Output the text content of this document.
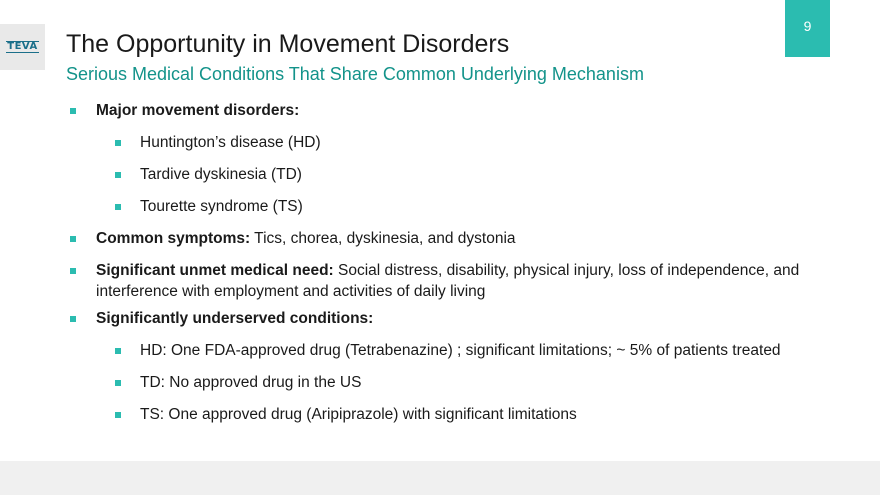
TEVA
9
The Opportunity in Movement Disorders
Serious Medical Conditions That Share Common Underlying Mechanism
Major movement disorders:
Huntington’s disease (HD)
Tardive dyskinesia (TD)
Tourette syndrome (TS)
Common symptoms: Tics, chorea, dyskinesia, and dystonia
Significant unmet medical need: Social distress, disability, physical injury, loss of independence, and interference with employment and activities of daily living
Significantly underserved conditions:
HD: One FDA-approved drug (Tetrabenazine) ; significant limitations; ~ 5% of patients treated
TD: No approved drug in the US
TS: One approved drug (Aripiprazole) with significant limitations
